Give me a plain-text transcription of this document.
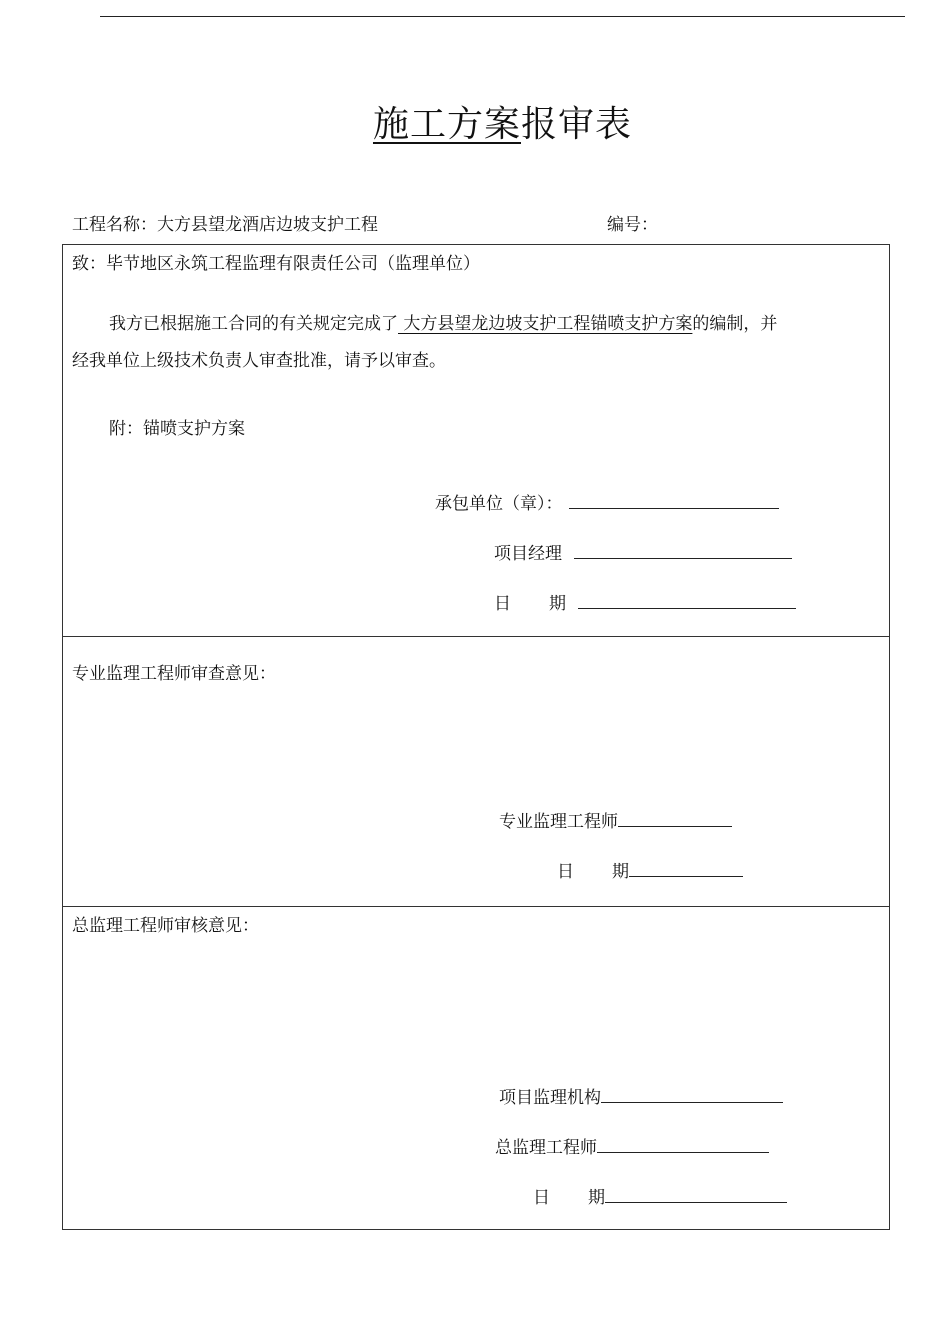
施工方案报审表
工程名称：大方县望龙酒店边坡支护工程	编号：
致：毕节地区永筑工程监理有限责任公司（监理单位）
我方已根据施工合同的有关规定完成了 大方县望龙边坡支护工程锚喷支护方案的编制，并
经我单位上级技术负责人审查批准，请予以审查。
附：锚喷支护方案
承包单位（章）：
项目经理
日 期
专业监理工程师审查意见：
专业监理工程师
日 期
总监理工程师审核意见：
项目监理机构
总监理工程师
日 期
